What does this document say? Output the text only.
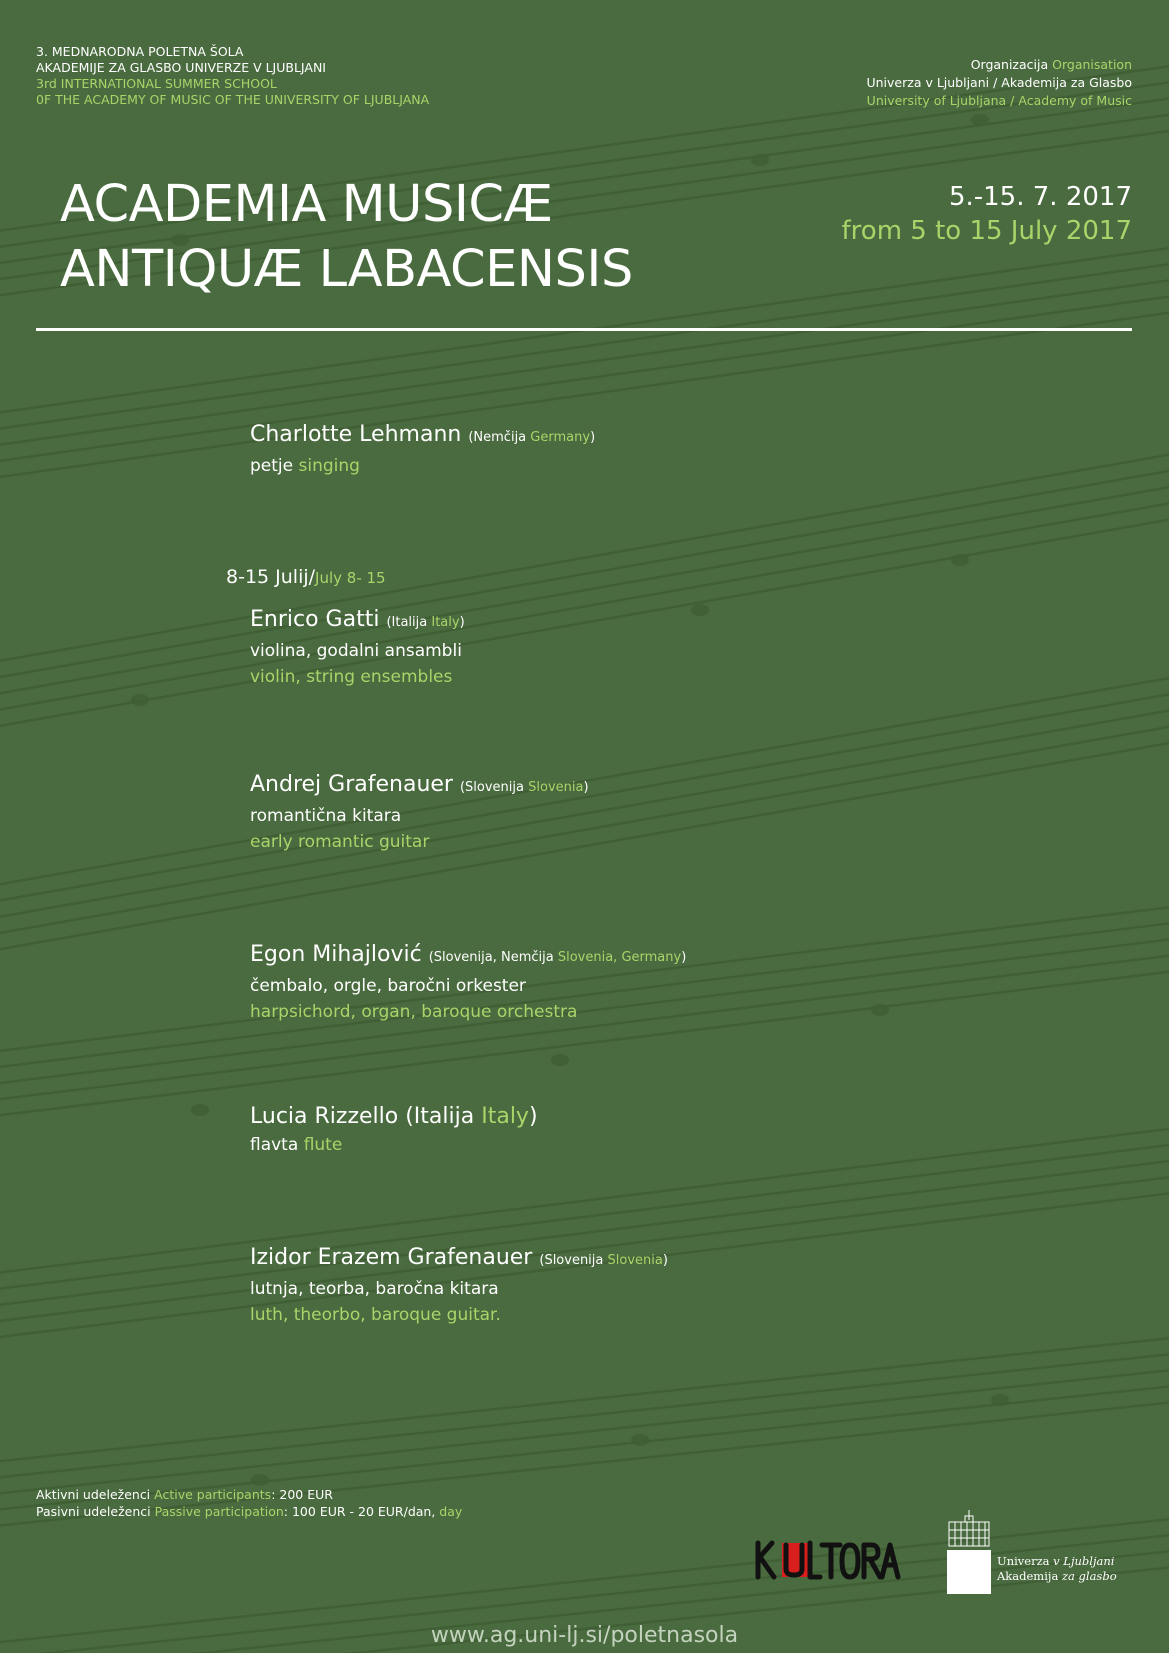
3. MEDNARODNA POLETNA ŠOLA
AKADEMIJE ZA GLASBO UNIVERZE V LJUBLJANI
3rd INTERNATIONAL SUMMER SCHOOL
0F THE ACADEMY OF MUSIC OF THE UNIVERSITY OF LJUBLJANA
Organizacija Organisation
Univerza v Ljubljani / Akademija za Glasbo
University of Ljubljana / Academy of Music
ACADEMIA MUSICÆ
ANTIQUÆ LABACENSIS
5.-15. 7. 2017
from 5 to 15 July 2017
Charlotte Lehmann (Nemčija Germany)
petje singing
8-15 Julij/July 8- 15
Enrico Gatti (Italija Italy)
violina, godalni ansambli
violin, string ensembles
Andrej Grafenauer (Slovenija Slovenia)
romantična kitara
early romantic guitar
Egon Mihajlović (Slovenija, Nemčija Slovenia, Germany)
čembalo, orgle, baročni orkester
harpsichord, organ, baroque orchestra
Lucia Rizzello (Italija Italy)
flavta flute
Izidor Erazem Grafenauer (Slovenija Slovenia)
lutnja, teorba, baročna kitara
luth, theorbo, baroque guitar.
Aktivni udeleženci Active participants: 200 EUR
Pasivni udeleženci Passive participation: 100 EUR - 20 EUR/dan, day
Univerza v Ljubljani
Akademija za glasbo
www.ag.uni-lj.si/poletnasola
